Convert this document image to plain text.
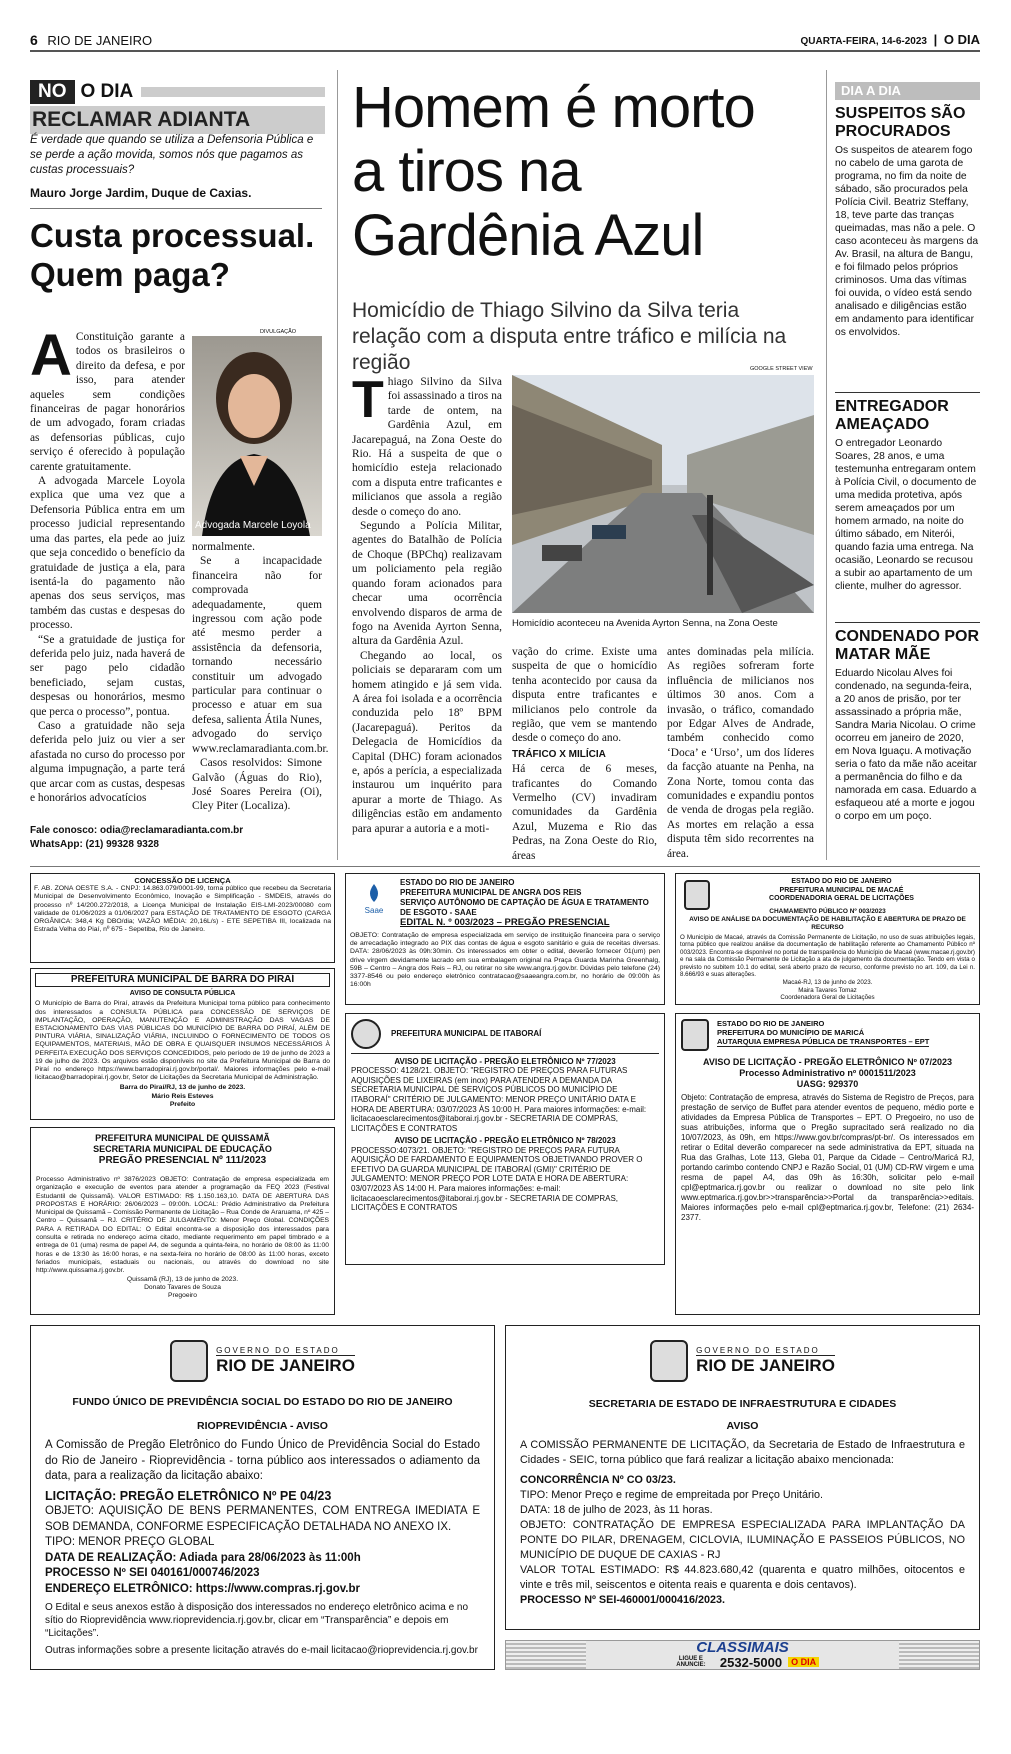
6 RIO DE JANEIRO	QUARTA-FEIRA, 14-6-2023 | O DIA
NO O DIA
RECLAMAR ADIANTA

É verdade que quando se utiliza a Defensoria Pública e se perde a ação movida, somos nós que pagamos as custas processuais?

Mauro Jorge Jardim, Duque de Caxias.

Custa processual.
Quem paga?
DIVULGAÇÃO
Advogada Marcele Loyola
A Constituição garante a todos os brasileiros o direito da defesa, e por isso, para atender aqueles sem condições financeiras de pagar honorários de um advogado, foram criadas as defensorias públicas, cujo serviço é oferecido à população carente gratuitamente.

A advogada Marcele Loyola explica que uma vez que a Defensoria Pública entra em um processo judicial representando uma das partes, ela pede ao juiz que seja concedido o benefício da gratuidade de justiça a ela, para isentá-la do pagamento não apenas dos seus serviços, mas também das custas e despesas do processo.

“Se a gratuidade de justiça for deferida pelo juiz, nada haverá de ser pago pelo cidadão beneficiado, sejam custas, despesas ou honorários, mesmo que perca o processo”, pontua.

Caso a gratuidade não seja deferida pelo juiz ou vier a ser afastada no curso do processo por alguma impugnação, a parte terá que arcar com as custas, despesas e honorários advocatícios

normalmente.

Se a incapacidade financeira não for comprovada adequadamente, quem ingressou com ação pode até mesmo perder a assistência da defensoria, tornando necessário constituir um advogado particular para continuar o processo e atuar em sua defesa, salienta Átila Nunes, advogado do serviço www.reclamaradianta.com.br.

Casos resolvidos: Simone Galvão (Águas do Rio), José Soares Pereira (Oi), Cley Piter (Localiza).

Fale conosco: odia@reclamaradianta.com.br
WhatsApp: (21) 99328 9328
Homem é morto a tiros na Gardênia Azul

Homicídio de Thiago Silvino da Silva teria relação com a disputa entre tráfico e milícia na região	GOOGLE STREET VIEW
T hiago Silvino da Silva foi assassinado a tiros na tarde de ontem, na Gardênia Azul, em Jacarepaguá, na Zona Oeste do Rio. Há a suspeita de que o homicídio esteja relacionado com a disputa entre traficantes e milicianos que assola a região desde o começo do ano.

Segundo a Polícia Militar, agentes do Batalhão de Polícia de Choque (BPChq) realizavam um policiamento pela região quando foram acionados para checar uma ocorrência envolvendo disparos de arma de fogo na Avenida Ayrton Senna, altura da Gardênia Azul.

Chegando ao local, os policiais se depararam com um homem atingido e já sem vida. A área foi isolada e a ocorrência conduzida pelo 18º BPM (Jacarepaguá). Peritos da Delegacia de Homicídios da Capital (DHC) foram acionados e, após a perícia, a especializada instaurou um inquérito para apurar a morte de Thiago. As diligências estão em andamento para apurar a autoria e a moti-

Homicídio aconteceu na Avenida Ayrton Senna, na Zona Oeste

vação do crime. Existe uma suspeita de que o homicídio tenha acontecido por causa da disputa entre traficantes e milicianos pelo controle da região, que vem se mantendo desde o começo do ano.

TRÁFICO X MILÍCIA

Há cerca de 6 meses, traficantes do Comando Vermelho (CV) invadiram comunidades da Gardênia Azul, Muzema e Rio das Pedras, na Zona Oeste do Rio, áreas

antes dominadas pela milícia. As regiões sofreram forte influência de milicianos nos últimos 30 anos. Com a invasão, o tráfico, comandado por Edgar Alves de Andrade, também conhecido como ‘Doca’ e ‘Urso’, um dos líderes da facção atuante na Penha, na Zona Norte, tomou conta das comunidades e expandiu pontos de venda de drogas pela região. As mortes em relação a essa disputa têm sido recorrentes na área.

DIA A DIA
SUSPEITOS SÃO PROCURADOS

Os suspeitos de atearem fogo no cabelo de uma garota de programa, no fim da noite de sábado, são procurados pela Polícia Civil. Beatriz Steffany, 18, teve parte das tranças queimadas, mas não a pele. O caso aconteceu às margens da Av. Brasil, na altura de Bangu, e foi filmado pelos próprios criminosos. Uma das vítimas foi ouvida, o vídeo está sendo analisado e diligências estão em andamento para identificar os envolvidos.

ENTREGADOR AMEAÇADO

O entregador Leonardo Soares, 28 anos, e uma testemunha entregaram ontem à Polícia Civil, o documento de uma medida protetiva, após serem ameaçados por um homem armado, na noite do último sábado, em Niterói, quando fazia uma entrega. Na ocasião, Leonardo se recusou a subir ao apartamento de um cliente, mulher do agressor.

CONDENADO POR MATAR MÃE

Eduardo Nicolau Alves foi condenado, na segunda-feira, a 20 anos de prisão, por ter assassinado a própria mãe, Sandra Maria Nicolau. O crime ocorreu em janeiro de 2020, em Nova Iguaçu. A motivação seria o fato da mãe não aceitar a permanência do filho e da namorada em casa. Eduardo a esfaqueou até a morte e jogou o corpo em um poço.

CONCESSÃO DE LICENÇA

F. AB. ZONA OESTE S.A. - CNPJ: 14.863.079/0001-99, torna público que recebeu da Secretaria Municipal de Desenvolvimento Econômico, Inovação e Simplificação - SMDEIS, através do processo nº 14/200.272/2018, a Licença Municipal de Instalação EIS-LMI-2023/00080 com validade de 01/06/2023 a 01/06/2027 para ESTAÇÃO DE TRATAMENTO DE ESGOTO (CARGA ORGÂNICA: 348,4 Kg DBO/dia; VAZÃO MÉDIA: 20,16L/s) - ETE SEPETIBA III, localizada na Estrada Velha do Piaí, nº 675 - Sepetiba, Rio de Janeiro.

PREFEITURA MUNICIPAL DE BARRA DO PIRAÍ
AVISO DE CONSULTA PÚBLICA

O Município de Barra do Piraí, através da Prefeitura Municipal torna público para conhecimento dos interessados a CONSULTA PÚBLICA para CONCESSÃO DE SERVIÇOS DE IMPLANTAÇÃO, OPERAÇÃO, MANUTENÇÃO E ADMINISTRAÇÃO DAS VAGAS DE ESTACIONAMENTO DAS VIAS PÚBLICAS DO MUNICÍPIO DE BARRA DO PIRAÍ, ALÉM DE PINTURA VIÁRIA, SINALIZAÇÃO VIÁRIA, INCLUINDO O FORNECIMENTO DE TODOS OS EQUIPAMENTOS, MATERIAIS, MÃO DE OBRA E QUAISQUER INSUMOS NECESSÁRIOS À PERFEITA EXECUÇÃO DOS SERVIÇOS CONCEDIDOS, pelo período de 19 de junho de 2023 a 19 de julho de 2023. Os arquivos estão disponíveis no site da Prefeitura Municipal de Barra do Piraí no endereço https://www.barradopirai.rj.gov.br/portal/. Maiores informações pelo e-mail licitacao@barradopirai.rj.gov.br, Setor de Licitações da Secretaria Municipal de Administração.

Barra do Piraí/RJ, 13 de junho de 2023.
Mário Reis Esteves
Prefeito
Saae
ESTADO DO RIO DE JANEIRO
PREFEITURA MUNICIPAL DE ANGRA DOS REIS
SERVIÇO AUTÔNOMO DE CAPTAÇÃO DE ÁGUA E TRATAMENTO DE ESGOTO - SAAE
EDITAL N. º 003/2023 – PREGÃO PRESENCIAL

OBJETO: Contratação de empresa especializada em serviço de instituição financeira para o serviço de arrecadação integrado ao PIX das contas de água e esgoto sanitário e guia de receitas diversas. DATA: 28/06/2023 às 09h:30min. Os interessados em obter o edital, deverão fornecer 01(um) pen drive virgem devidamente lacrado em sua embalagem original na Praça Guarda Marinha Greenhalg, 59B – Centro – Angra dos Reis – RJ, ou retirar no site www.angra.rj.gov.br. Dúvidas pelo telefone (24) 3377-8546 ou pelo endereço eletrônico contratacao@saaeangra.com.br, no horário de 09:00h às 16:00h

ESTADO DO RIO DE JANEIRO
PREFEITURA MUNICIPAL DE MACAÉ
COORDENADORIA GERAL DE LICITAÇÕES
CHAMAMENTO PÚBLICO Nº 003/2023
AVISO DE ANÁLISE DA DOCUMENTAÇÃO DE HABILITAÇÃO E ABERTURA DE PRAZO DE RECURSO

O Município de Macaé, através da Comissão Permanente de Licitação, no uso de suas atribuições legais, torna público que realizou análise da documentação de habilitação referente ao Chamamento Público nº 003/2023. Encontra-se disponível no portal de transparência do Município de Macaé (www.macae.rj.gov.br) e na sala da Comissão Permanente de Licitação a ata de julgamento da documentação. Tendo em vista o previsto no subitem 10.1 do edital, será aberto prazo de recurso, conforme previsto no art. 109, da Lei n. 8.666/93 e suas alterações.

Macaé-RJ, 13 de junho de 2023.
Maira Tavares Tomaz
Coordenadora Geral de Licitações
PREFEITURA MUNICIPAL DE QUISSAMÃ
SECRETARIA MUNICIPAL DE EDUCAÇÃO
PREGÃO PRESENCIAL Nº 111/2023

Processo Administrativo nº 3876/2023 OBJETO: Contratação de empresa especializada em organização e execução de eventos para atender a programação da FEQ 2023 (Festival Estudantil de Quissamã). VALOR ESTIMADO: R$ 1.150.163,10. DATA DE ABERTURA DAS PROPOSTAS E HORÁRIO: 26/06/2023 – 09:00h. LOCAL: Prédio Administrativo da Prefeitura Municipal de Quissamã – Comissão Permanente de Licitação – Rua Conde de Araruama, nº 425 – Centro – Quissamã – RJ. CRITÉRIO DE JULGAMENTO: Menor Preço Global. CONDIÇÕES PARA A RETIRADA DO EDITAL: O Edital encontra-se a disposição dos interessados para consulta e retirada no endereço acima citado, mediante requerimento em papel timbrado e a entrega de 01 (uma) resma de papel A4, de segunda a quinta-feira, no horário de 08:00 às 11:00 horas e de 13:30 às 16:00 horas, e na sexta-feira no horário de 08:00 às 11:00 horas, exceto feriados municipais, estaduais ou nacionais, ou através do download no site http://www.quissama.rj.gov.br.

Quissamã (RJ), 13 de junho de 2023.
Donato Tavares de Souza
Pregoeiro
PREFEITURA MUNICIPAL DE ITABORAÍ
AVISO DE LICITAÇÃO - PREGÃO ELETRÔNICO Nº 77/2023

PROCESSO: 4128/21. OBJETO: "REGISTRO DE PREÇOS PARA FUTURAS AQUISIÇÕES DE LIXEIRAS (em inox) PARA ATENDER A DEMANDA DA SECRETARIA MUNICIPAL DE SERVIÇOS PÚBLICOS DO MUNICÍPIO DE ITABORAÍ" CRITÉRIO DE JULGAMENTO: MENOR PREÇO UNITÁRIO DATA E HORA DE ABERTURA: 03/07/2023 ÀS 10:00 H. Para maiores informações: e-mail: licitacaoesclarecimentos@itaborai.rj.gov.br - SECRETARIA DE COMPRAS, LICITAÇÕES E CONTRATOS

AVISO DE LICITAÇÃO - PREGÃO ELETRÔNICO Nº 78/2023

PROCESSO:4073/21. OBJETO: "REGISTRO DE PREÇOS PARA FUTURA AQUISIÇÃO DE FARDAMENTO E EQUIPAMENTOS OBJETIVANDO PROVER O EFETIVO DA GUARDA MUNICIPAL DE ITABORAÍ (GMI)" CRITÉRIO DE JULGAMENTO: MENOR PREÇO POR LOTE DATA E HORA DE ABERTURA: 03/07/2023 ÀS 14:00 H. Para maiores informações: e-mail: licitacaoesclarecimentos@itaborai.rj.gov.br - SECRETARIA DE COMPRAS, LICITAÇÕES E CONTRATOS

ESTADO DO RIO DE JANEIRO
PREFEITURA DO MUNICÍPIO DE MARICÁ
AUTARQUIA EMPRESA PÚBLICA DE TRANSPORTES – EPT
AVISO DE LICITAÇÃO - PREGÃO ELETRÔNICO Nº 07/2023
Processo Administrativo nº 0001511/2023
UASG: 929370

Objeto: Contratação de empresa, através do Sistema de Registro de Preços, para prestação de serviço de Buffet para atender eventos de pequeno, médio porte e atividades da Empresa Pública de Transportes – EPT. O Pregoeiro, no uso de suas atribuições, informa que o Pregão supracitado será realizado no dia 10/07/2023, às 09h, em https://www.gov.br/compras/pt-br/. Os interessados em retirar o Edital deverão comparecer na sede administrativa da EPT, situada na Rua das Gralhas, Lote 113, Gleba 01, Parque da Cidade – Centro/Maricá RJ, portando carimbo contendo CNPJ e Razão Social, 01 (UM) CD-RW virgem e uma resma de papel A4, das 09h às 16:30h, solicitar pelo e-mail cpl@eptmarica.rj.gov.br ou realizar o download no site pelo link www.eptmarica.rj.gov.br>>transparência>>Portal da transparência>>editais. Maiores informações pelo e-mail cpl@eptmarica.rj.gov.br, Telefone: (21) 2634-2377.

GOVERNO DO ESTADO
RIO DE JANEIRO
FUNDO ÚNICO DE PREVIDÊNCIA SOCIAL DO ESTADO DO RIO DE JANEIRO
RIOPREVIDÊNCIA - AVISO

A Comissão de Pregão Eletrônico do Fundo Único de Previdência Social do Estado do Rio de Janeiro - Rioprevidência - torna público aos interessados o adiamento da data, para a realização da licitação abaixo:

LICITAÇÃO: PREGÃO ELETRÔNICO Nº PE 04/23

OBJETO: AQUISIÇÃO DE BENS PERMANENTES, COM ENTREGA IMEDIATA E SOB DEMANDA, CONFORME ESPECIFICAÇÃO DETALHADA NO ANEXO IX.

TIPO: MENOR PREÇO GLOBAL

DATA DE REALIZAÇÃO: Adiada para 28/06/2023 às 11:00h

PROCESSO Nº SEI 040161/000746/2023

ENDEREÇO ELETRÔNICO: https://www.compras.rj.gov.br

O Edital e seus anexos estão à disposição dos interessados no endereço eletrônico acima e no sítio do Rioprevidência www.rioprevidencia.rj.gov.br, clicar em “Transparência” e depois em “Licitações”.

Outras informações sobre a presente licitação através do e-mail licitacao@rioprevidencia.rj.gov.br

GOVERNO DO ESTADO
RIO DE JANEIRO
SECRETARIA DE ESTADO DE INFRAESTRUTURA E CIDADES
AVISO

A COMISSÃO PERMANENTE DE LICITAÇÃO, da Secretaria de Estado de Infraestrutura e Cidades - SEIC, torna público que fará realizar a licitação abaixo mencionada:

CONCORRÊNCIA Nº CO 03/23.

TIPO: Menor Preço e regime de empreitada por Preço Unitário.

DATA: 18 de julho de 2023, às 11 horas.

OBJETO: CONTRATAÇÃO DE EMPRESA ESPECIALIZADA PARA IMPLANTAÇÃO DA PONTE DO PILAR, DRENAGEM, CICLOVIA, ILUMINAÇÃO E PASSEIOS PÚBLICOS, NO MUNICÍPIO DE DUQUE DE CAXIAS - RJ

VALOR TOTAL ESTIMADO: R$ 44.823.680,42 (quarenta e quatro milhões, oitocentos e vinte e três mil, seiscentos e oitenta reais e quarenta e dois centavos).

PROCESSO Nº SEI-460001/000416/2023.

CLASSIMAIS
LIGUE E ANUNCIE:	2532-5000	O DIA
